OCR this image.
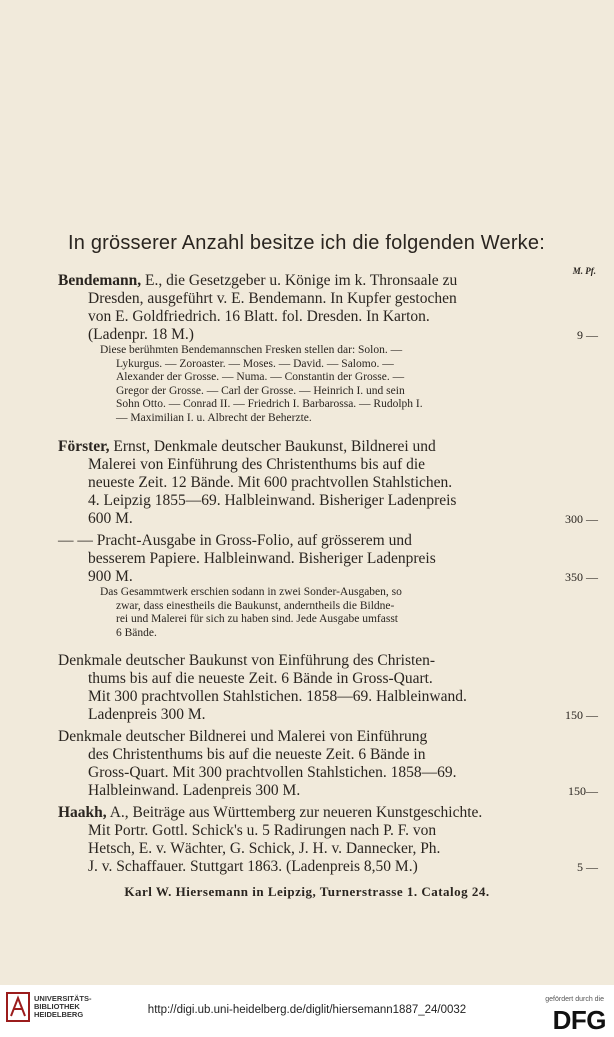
In grösserer Anzahl besitze ich die folgenden Werke:
M. Pf.
Bendemann, E., die Gesetzgeber u. Könige im k. Thronsaale zu
Dresden, ausgeführt v. E. Bendemann. In Kupfer gestochen
von E. Goldfriedrich. 16 Blatt. fol. Dresden. In Karton.
(Ladenpr. 18 M.)	9 —
Diese berühmten Bendemannschen Fresken stellen dar: Solon. —
Lykurgus. — Zoroaster. — Moses. — David. — Salomo. —
Alexander der Grosse. — Numa. — Constantin der Grosse. —
Gregor der Grosse. — Carl der Grosse. — Heinrich I. und sein
Sohn Otto. — Conrad II. — Friedrich I. Barbarossa. — Rudolph I.
— Maximilian I. u. Albrecht der Beherzte.
Förster, Ernst, Denkmale deutscher Baukunst, Bildnerei und
Malerei von Einführung des Christenthums bis auf die
neueste Zeit. 12 Bände. Mit 600 prachtvollen Stahlstichen.
4. Leipzig 1855—69. Halbleinwand. Bisheriger Ladenpreis
600 M.	300 —
— — Pracht-Ausgabe in Gross-Folio, auf grösserem und
besserem Papiere. Halbleinwand. Bisheriger Ladenpreis
900 M.	350 —
Das Gesammtwerk erschien sodann in zwei Sonder-Ausgaben, so
zwar, dass einestheils die Baukunst, anderntheils die Bildne-
rei und Malerei für sich zu haben sind. Jede Ausgabe umfasst
6 Bände.
Denkmale deutscher Baukunst von Einführung des Christen-
thums bis auf die neueste Zeit. 6 Bände in Gross-Quart.
Mit 300 prachtvollen Stahlstichen. 1858—69. Halbleinwand.
Ladenpreis 300 M.	150 —
Denkmale deutscher Bildnerei und Malerei von Einführung
des Christenthums bis auf die neueste Zeit. 6 Bände in
Gross-Quart. Mit 300 prachtvollen Stahlstichen. 1858—69.
Halbleinwand. Ladenpreis 300 M.	150—
Haakh, A., Beiträge aus Württemberg zur neueren Kunstgeschichte.
Mit Portr. Gottl. Schick's u. 5 Radirungen nach P. F. von
Hetsch, E. v. Wächter, G. Schick, J. H. v. Dannecker, Ph.
J. v. Schaffauer. Stuttgart 1863. (Ladenpreis 8,50 M.)	5 —
Karl W. Hiersemann in Leipzig, Turnerstrasse 1. Catalog 24.
UNIVERSITÄTS-
BIBLIOTHEK
HEIDELBERG	http://digi.ub.uni-heidelberg.de/diglit/hiersemann1887_24/0032
gefördert durch die
DFG
